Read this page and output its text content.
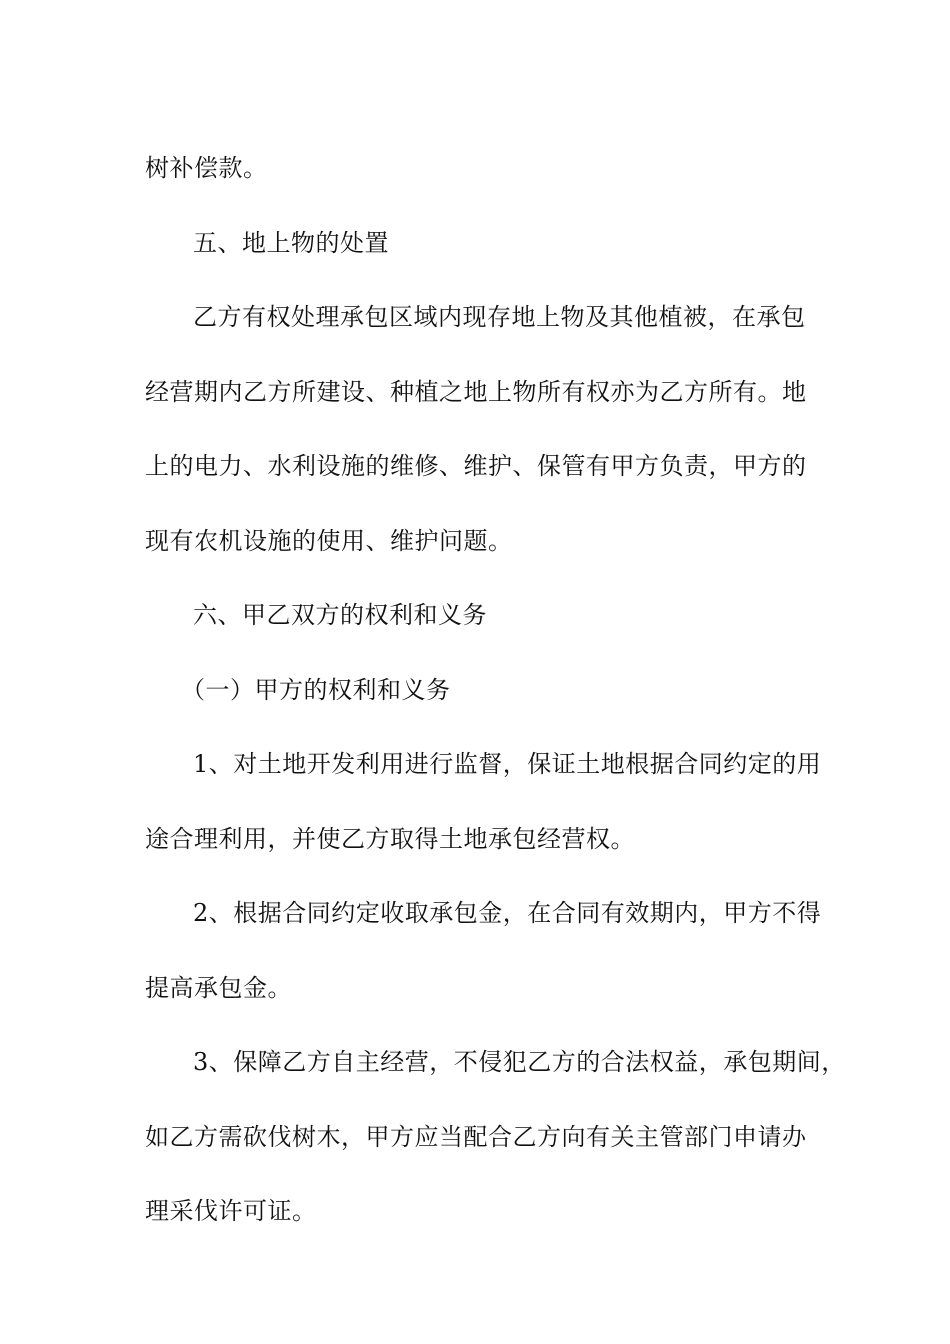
树补偿款。

五、地上物的处置

乙方有权处理承包区域内现存地上物及其他植被，在承包

经营期内乙方所建设、种植之地上物所有权亦为乙方所有。地

上的电力、水利设施的维修、维护、保管有甲方负责，甲方的

现有农机设施的使用、维护问题。

六、甲乙双方的权利和义务

（一）甲方的权利和义务

1、对土地开发利用进行监督，保证土地根据合同约定的用

途合理利用，并使乙方取得土地承包经营权。

2、根据合同约定收取承包金，在合同有效期内，甲方不得

提高承包金。

3、保障乙方自主经营，不侵犯乙方的合法权益，承包期间，

如乙方需砍伐树木，甲方应当配合乙方向有关主管部门申请办

理采伐许可证。
